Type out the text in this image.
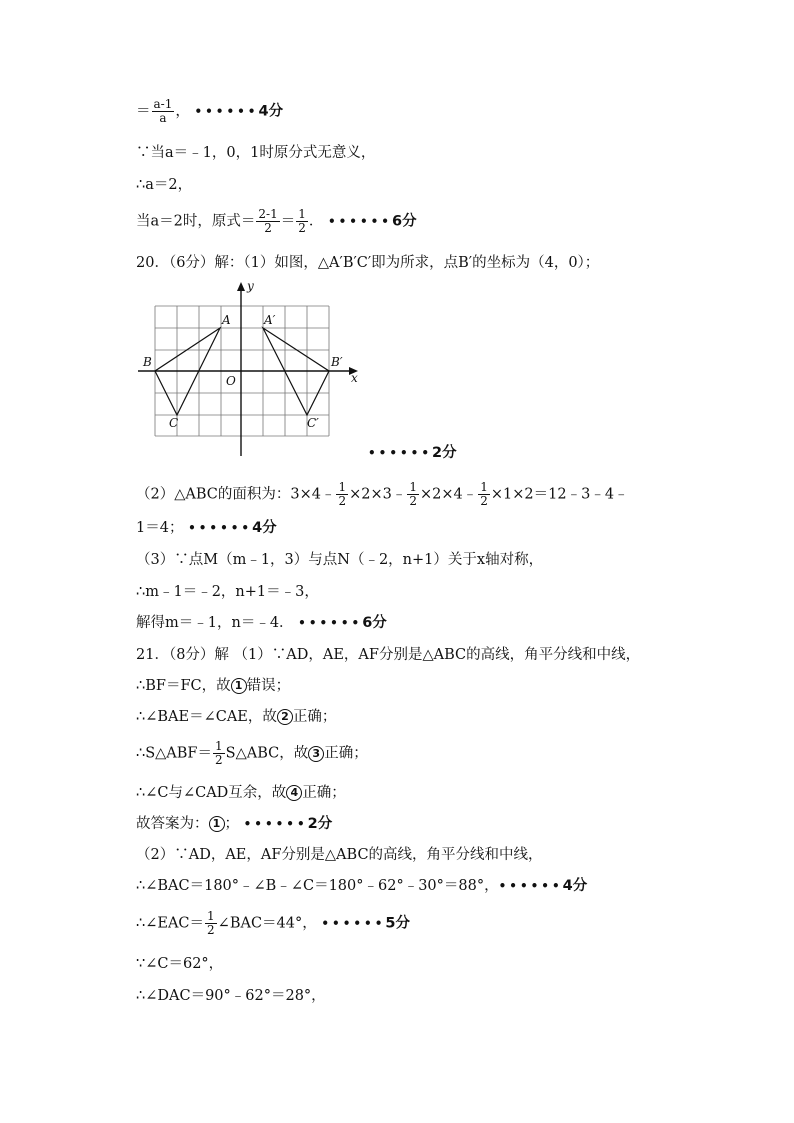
＝ $\frac{a-1}{a}$ ， ••••••4分
∵当a＝﹣1，0，1时原分式无意义，
∴a＝2，
当a＝2时，原式＝ $\frac{2-1}{2} = \frac{1}{2}$ ． ••••••6分
20．（6分）解：（1）如图，△A′B′C′即为所求，点B′的坐标为（4，0）；
y
x
O
A	A′
B	B′
C	C′
••••••2分
（2）△ABC的面积为：3×4﹣ $\frac{1}{2}$ ×2×3﹣ $\frac{1}{2}$ ×2×4﹣ $\frac{1}{2}$ ×1×2＝12﹣3﹣4﹣
1＝4； ••••••4分
（3）∵点M（m﹣1，3）与点N（﹣2，n+1）关于x轴对称，
∴m﹣1＝﹣2，n+1＝﹣3，
解得m＝﹣1，n＝﹣4． ••••••6分
21．（8分）解 （1）∵AD，AE，AF分别是△ABC的高线，角平分线和中线，
∴BF＝FC，故 1 错误；
∴∠BAE＝∠CAE，故 2 正确；
∴S△ABF＝ $\frac{1}{2}$ S△ABC，故 3 正确；
∴∠C与∠CAD互余，故 4 正确；
故答案为： 1 ； ••••••2分
（2）∵AD，AE，AF分别是△ABC的高线，角平分线和中线，
∴∠BAC＝180°﹣∠B﹣∠C＝180°﹣62°﹣30°＝88°，••••••4分
∴∠EAC＝ $\frac{1}{2}$ ∠BAC＝44°， ••••••5分
∵∠C＝62°，
∴∠DAC＝90°﹣62°＝28°，
